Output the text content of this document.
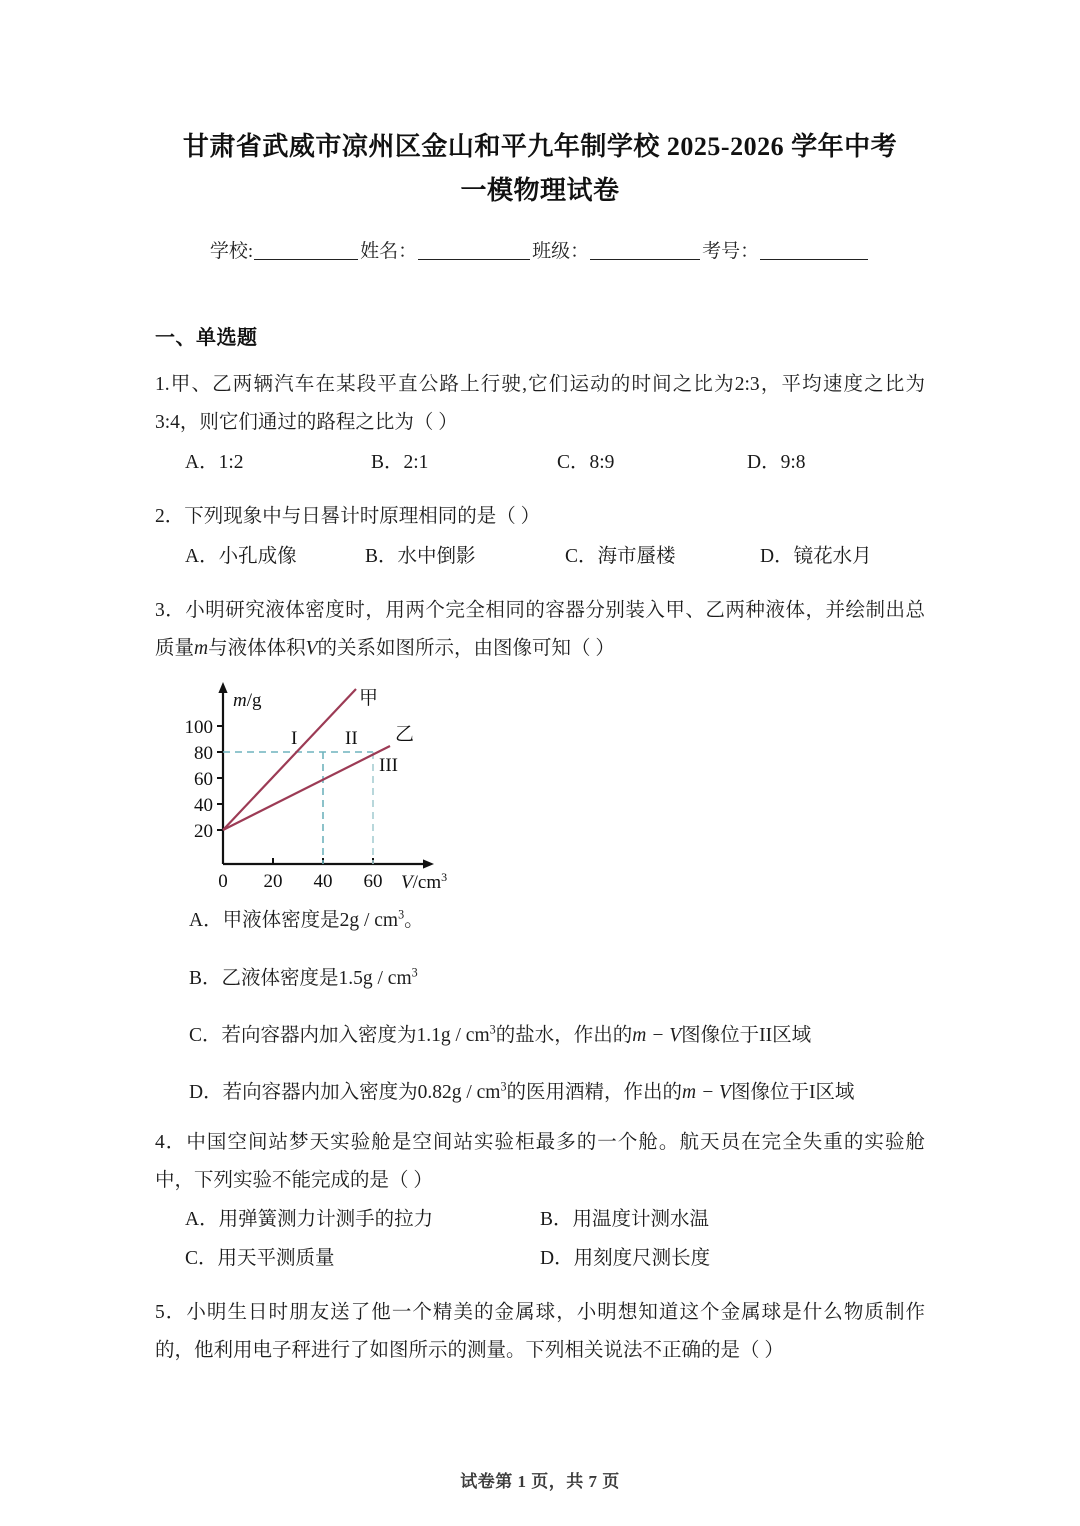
甘肃省武威市凉州区金山和平九年制学校 2025-2026 学年中考
一模物理试卷
学校:	姓名：	班级：	考号：
一、单选题
1.甲、乙两辆汽车在某段平直公路上行驶,它们运动的时间之比为2:3，平均速度之比为3:4，则它们通过的路程之比为（ ）
A．1:2	B．2:1	C．8:9	D．9:8
2．下列现象中与日晷计时原理相同的是（ ）
A．小孔成像	B．水中倒影	C．海市蜃楼	D．镜花水月
3．小明研究液体密度时，用两个完全相同的容器分别装入甲、乙两种液体，并绘制出总质量m与液体体积V的关系如图所示，由图像可知（ ）
100
80
60
40
20
0 20 40 60
m/g
$V/cm^3$
甲
乙
I	II
III
A．甲液体密度是$2g / cm^3$。
B．乙液体密度是$1.5g / cm^3$
C．若向容器内加入密度为$1.1g / cm^3$的盐水，作出的m − V图像位于II区域
D．若向容器内加入密度为$0.82g / cm^3$的医用酒精，作出的m − V图像位于I区域
4．中国空间站梦天实验舱是空间站实验柜最多的一个舱。航天员在完全失重的实验舱中，下列实验不能完成的是（ ）
A．用弹簧测力计测手的拉力	B．用温度计测水温
C．用天平测质量	D．用刻度尺测长度
5．小明生日时朋友送了他一个精美的金属球，小明想知道这个金属球是什么物质制作的，他利用电子秤进行了如图所示的测量。下列相关说法不正确的是（ ）
试卷第 1 页，共 7 页
